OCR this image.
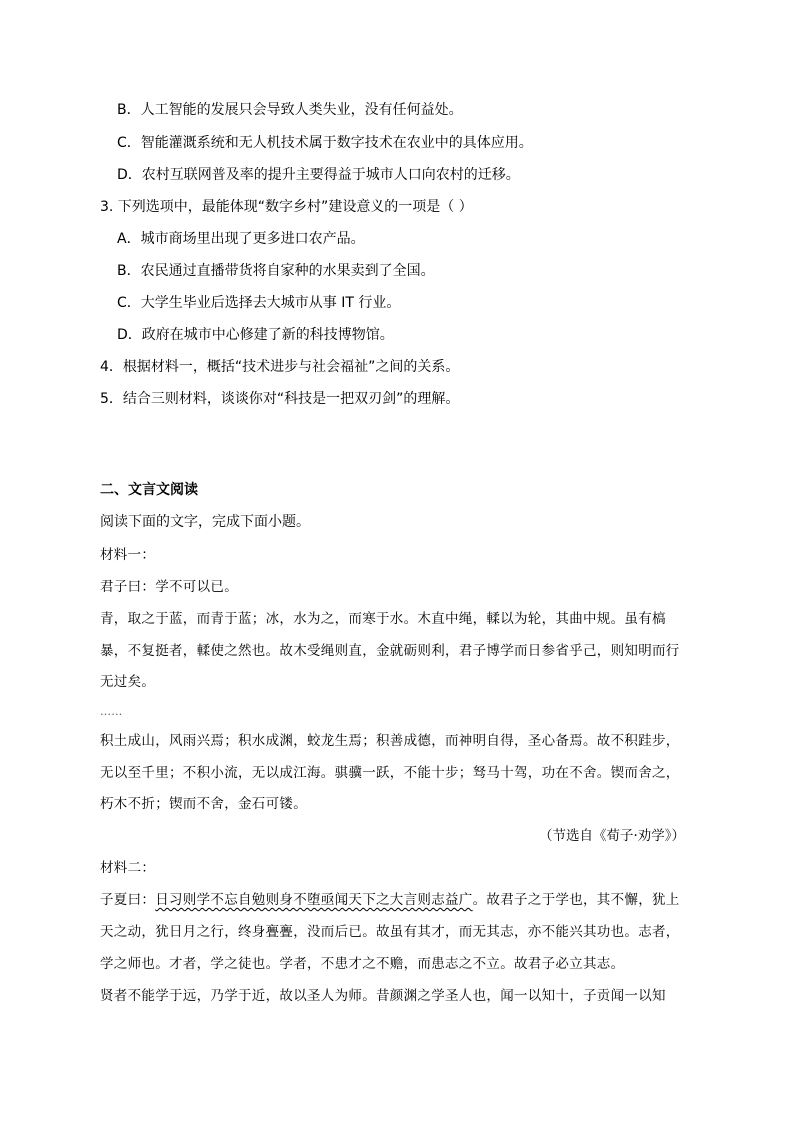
B．人工智能的发展只会导致人类失业，没有任何益处。
C．智能灌溉系统和无人机技术属于数字技术在农业中的具体应用。
D．农村互联网普及率的提升主要得益于城市人口向农村的迁移。
3. 下列选项中，最能体现“数字乡村”建设意义的一项是（ ）
A．城市商场里出现了更多进口农产品。
B．农民通过直播带货将自家种的水果卖到了全国。
C．大学生毕业后选择去大城市从事 IT 行业。
D．政府在城市中心修建了新的科技博物馆。
4．根据材料一，概括“技术进步与社会福祉”之间的关系。
5．结合三则材料，谈谈你对“科技是一把双刃剑”的理解。
二、文言文阅读
阅读下面的文字，完成下面小题。
材料一：
君子曰：学不可以已。
青，取之于蓝，而青于蓝；冰，水为之，而寒于水。木直中绳，輮以为轮，其曲中规。虽有槁
暴，不复挺者，輮使之然也。故木受绳则直，金就砺则利，君子博学而日参省乎己，则知明而行
无过矣。
……
积土成山，风雨兴焉；积水成渊，蛟龙生焉；积善成德，而神明自得，圣心备焉。故不积跬步，
无以至千里；不积小流，无以成江海。骐骥一跃，不能十步；驽马十驾，功在不舍。锲而舍之，
朽木不折；锲而不舍，金石可镂。
（节选自《荀子·劝学》）
材料二：
子夏曰：日习则学不忘自勉则身不堕亟闻天下之大言则志益广。故君子之于学也，其不懈，犹上
天之动，犹日月之行，终身亹亹，没而后已。故虽有其才，而无其志，亦不能兴其功也。志者，
学之师也。才者，学之徒也。学者，不患才之不赡，而患志之不立。故君子必立其志。
贤者不能学于远，乃学于近，故以圣人为师。昔颜渊之学圣人也，闻一以知十，子贡闻一以知
